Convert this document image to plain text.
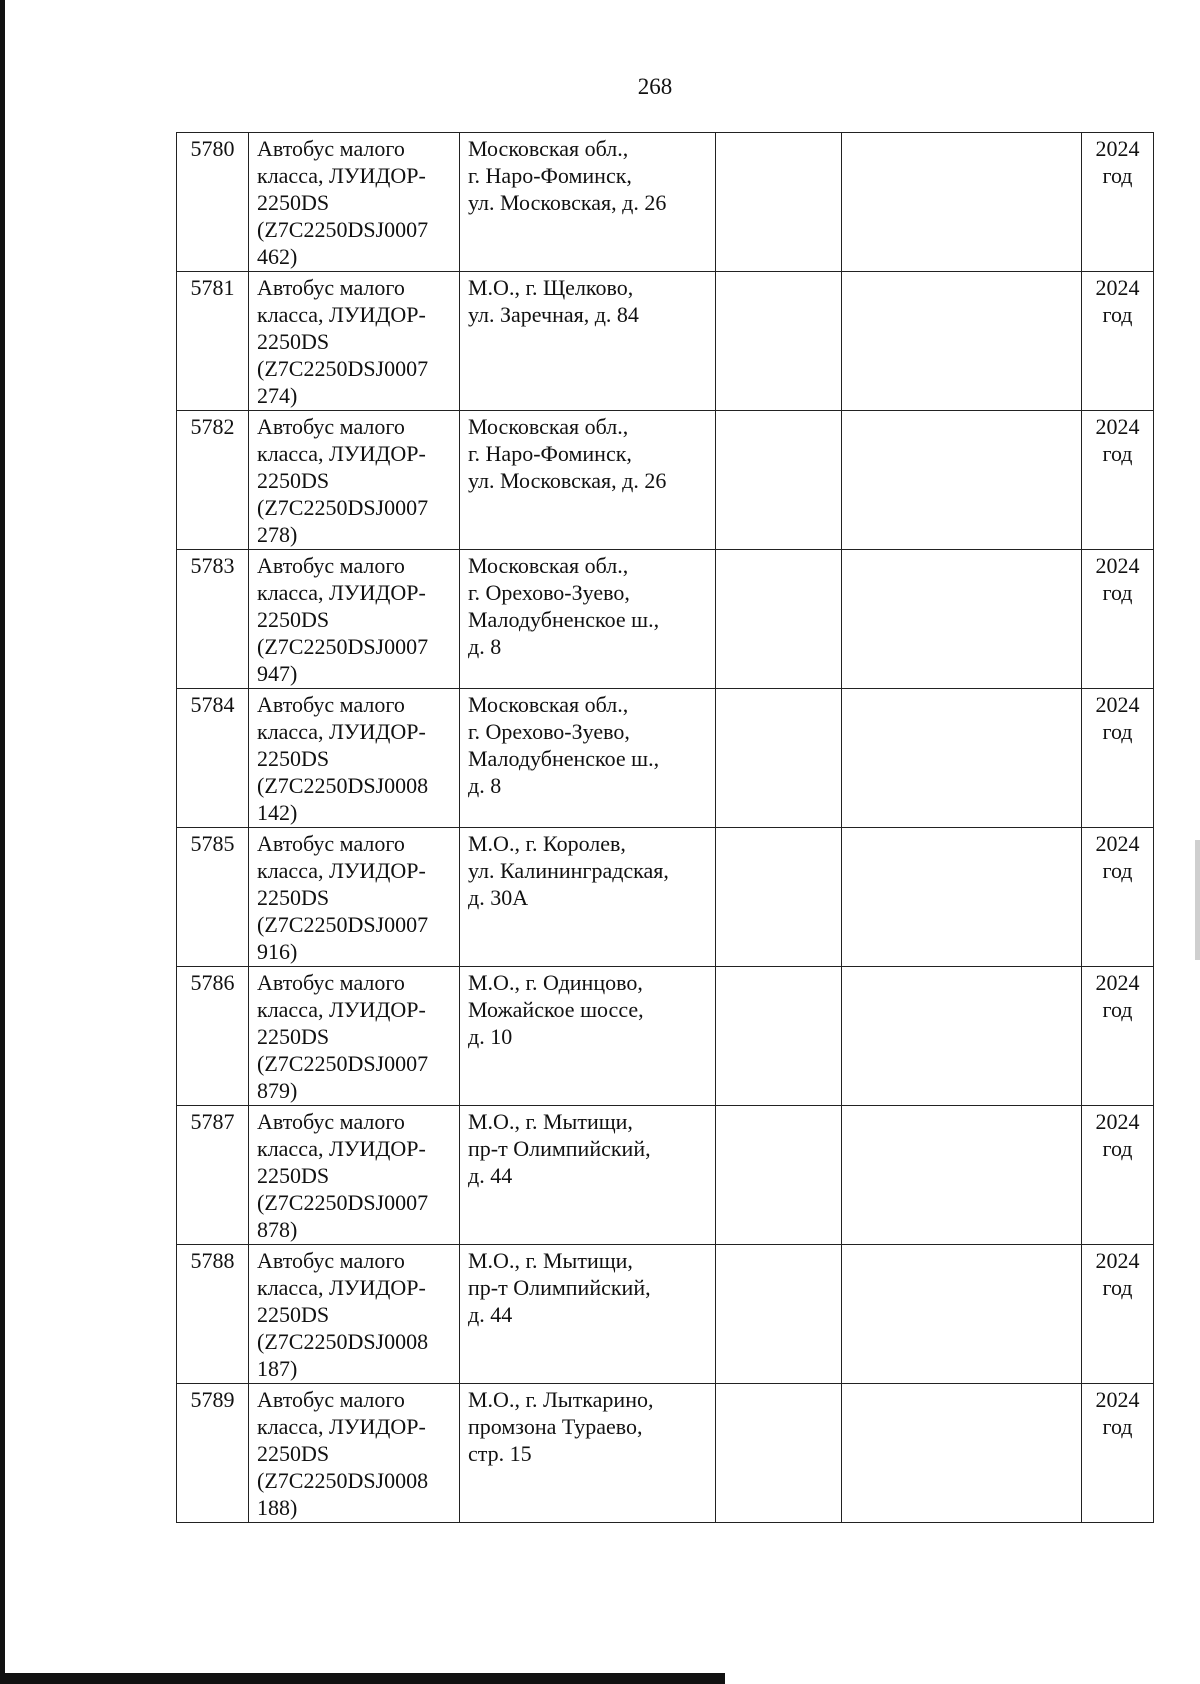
268
5780	Автобус малого
класса, ЛУИДОР-
2250DS
(Z7C2250DSJ0007
462)	Московская обл.,
г. Наро-Фоминск,
ул. Московская, д. 26			2024
год

5781	Автобус малого
класса, ЛУИДОР-
2250DS
(Z7C2250DSJ0007
274)	М.О., г. Щелково,
ул. Заречная, д. 84			2024
год

5782	Автобус малого
класса, ЛУИДОР-
2250DS
(Z7C2250DSJ0007
278)	Московская обл.,
г. Наро-Фоминск,
ул. Московская, д. 26			2024
год

5783	Автобус малого
класса, ЛУИДОР-
2250DS
(Z7C2250DSJ0007
947)	Московская обл.,
г. Орехово-Зуево,
Малодубненское ш.,
д. 8			2024
год

5784	Автобус малого
класса, ЛУИДОР-
2250DS
(Z7C2250DSJ0008
142)	Московская обл.,
г. Орехово-Зуево,
Малодубненское ш.,
д. 8			2024
год

5785	Автобус малого
класса, ЛУИДОР-
2250DS
(Z7C2250DSJ0007
916)	М.О., г. Королев,
ул. Калининградская,
д. 30А			2024
год

5786	Автобус малого
класса, ЛУИДОР-
2250DS
(Z7C2250DSJ0007
879)	М.О., г. Одинцово,
Можайское шоссе,
д. 10			2024
год

5787	Автобус малого
класса, ЛУИДОР-
2250DS
(Z7C2250DSJ0007
878)	М.О., г. Мытищи,
пр-т Олимпийский,
д. 44			2024
год

5788	Автобус малого
класса, ЛУИДОР-
2250DS
(Z7C2250DSJ0008
187)	М.О., г. Мытищи,
пр-т Олимпийский,
д. 44			2024
год

5789	Автобус малого
класса, ЛУИДОР-
2250DS
(Z7C2250DSJ0008
188)	М.О., г. Лыткарино,
промзона Тураево,
стр. 15			2024
год
